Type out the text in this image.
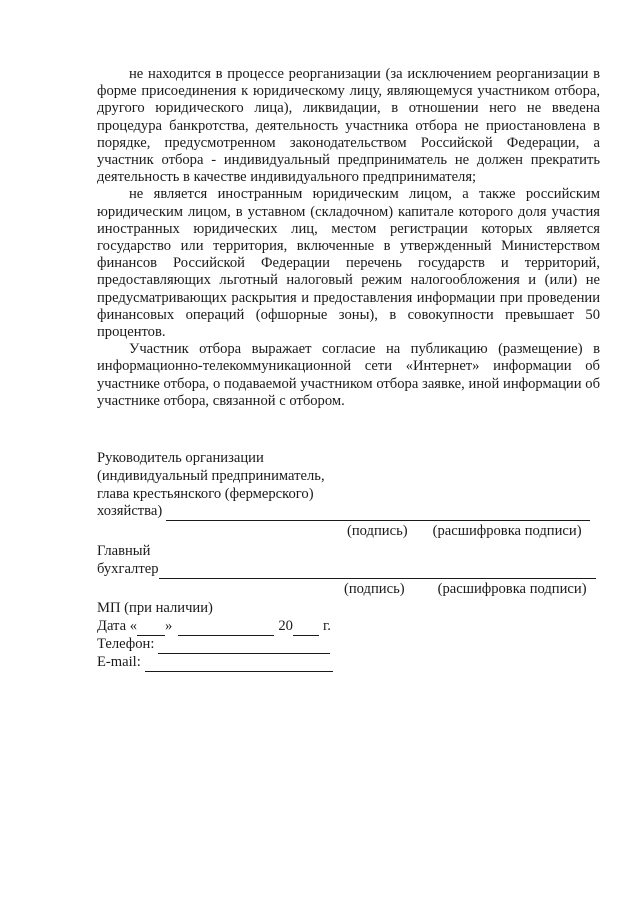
не находится в процессе реорганизации (за исключением реорганизации в форме присоединения к юридическому лицу, являющемуся участником отбора, другого юридического лица), ликвидации, в отношении него не введена процедура банкротства, деятельность участника отбора не приостановлена в порядке, предусмотренном законодательством Российской Федерации, а участник отбора - индивидуальный предприниматель не должен прекратить деятельность в качестве индивидуального предпринимателя;

не является иностранным юридическим лицом, а также российским юридическим лицом, в уставном (складочном) капитале которого доля участия иностранных юридических лиц, местом регистрации которых является государство или территория, включенные в утвержденный Министерством финансов Российской Федерации перечень государств и территорий, предоставляющих льготный налоговый режим налогообложения и (или) не предусматривающих раскрытия и предоставления информации при проведении финансовых операций (офшорные зоны), в совокупности превышает 50 процентов.

Участник отбора выражает согласие на публикацию (размещение) в информационно-телекоммуникационной сети «Интернет» информации об участнике отбора, о подаваемой участником отбора заявке, иной информации об участнике отбора, связанной с отбором.

Руководитель организации
(индивидуальный предприниматель,
глава крестьянского (фермерского)
хозяйства)
(подпись) (расшифровка подписи)
Главный
бухгалтер
(подпись) (расшифровка подписи)
МП (при наличии)
Дата « »	20 г.
Телефон:
E-mail:
